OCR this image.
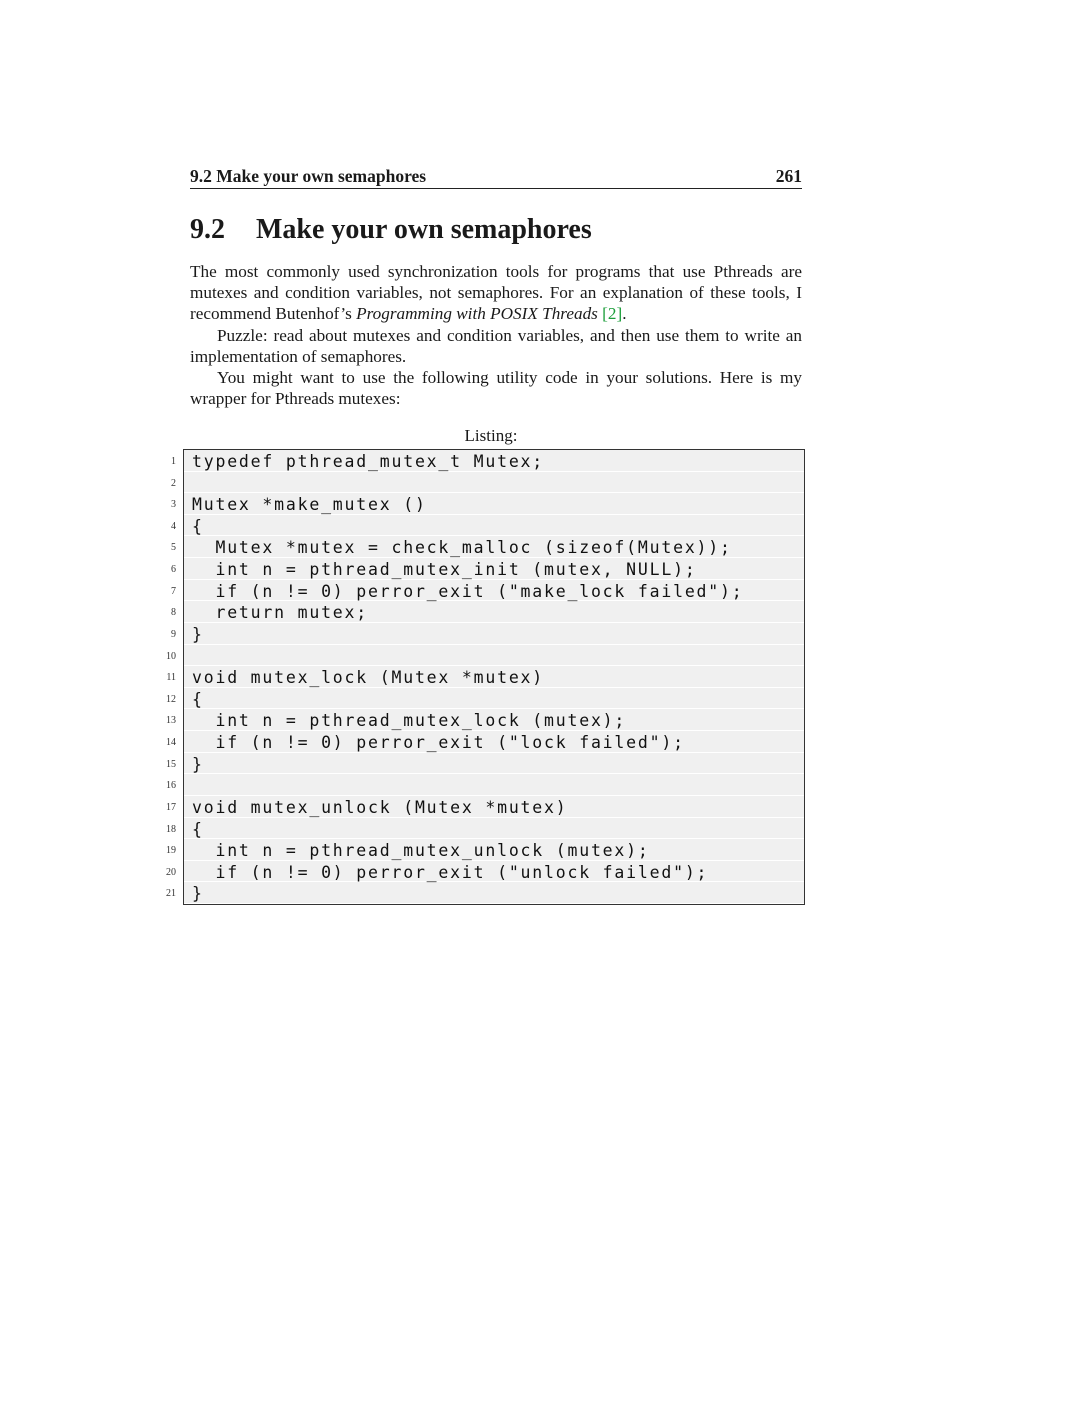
9.2 Make your own semaphores	261
9.2 Make your own semaphores

The most commonly used synchronization tools for programs that use Pthreads are mutexes and condition variables, not semaphores. For an explanation of these tools, I recommend Butenhof’s Programming with POSIX Threads [2].

Puzzle: read about mutexes and condition variables, and then use them to write an implementation of semaphores.

You might want to use the following utility code in your solutions. Here is my wrapper for Pthreads mutexes:

Listing:
1 typedef pthread_mutex_t Mutex;
2
3 Mutex *make_mutex ()
4 {
5 Mutex *mutex = check_malloc (sizeof(Mutex));
6 int n = pthread_mutex_init (mutex, NULL);
7 if (n != 0) perror_exit ("make_lock failed");
8 return mutex;
9 }
10
11 void mutex_lock (Mutex *mutex)
12 {
13 int n = pthread_mutex_lock (mutex);
14 if (n != 0) perror_exit ("lock failed");
15 }
16
17 void mutex_unlock (Mutex *mutex)
18 {
19 int n = pthread_mutex_unlock (mutex);
20 if (n != 0) perror_exit ("unlock failed");
21 }
